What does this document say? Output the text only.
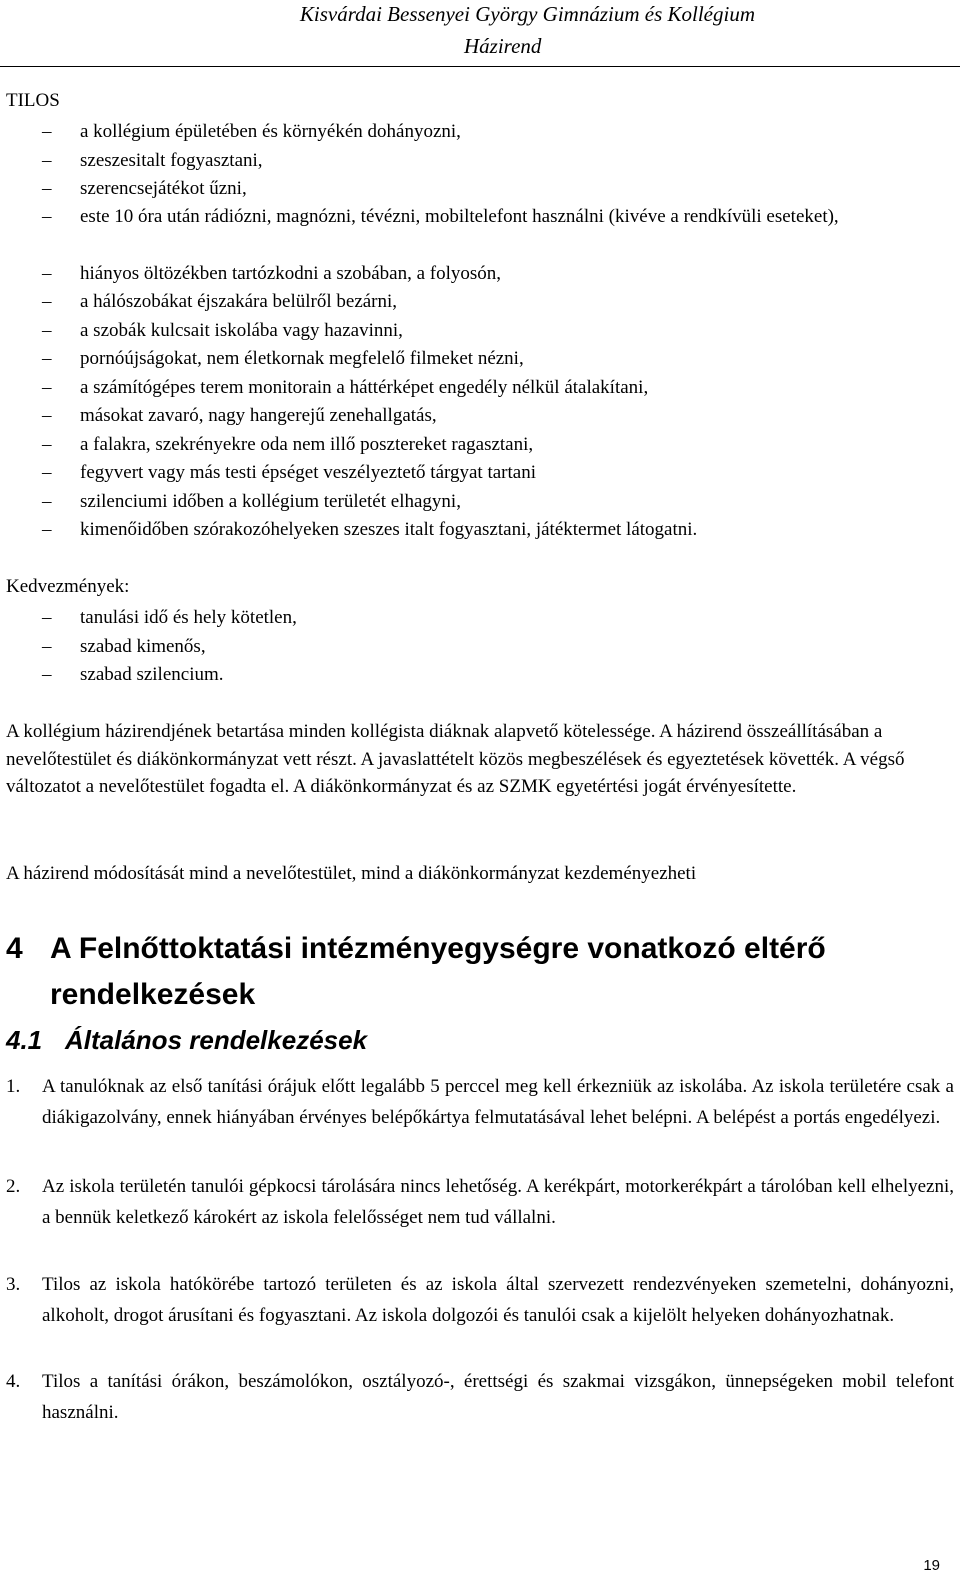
Kisvárdai Bessenyei György Gimnázium és Kollégium
Házirend
TILOS
–	a kollégium épületében és környékén dohányozni,
–	szeszesitalt fogyasztani,
–	szerencsejátékot űzni,
–	este 10 óra után rádiózni, magnózni, tévézni, mobiltelefont használni (kivéve a rendkívüli eseteket),
–	hiányos öltözékben tartózkodni a szobában, a folyosón,
–	a hálószobákat éjszakára belülről bezárni,
–	a szobák kulcsait iskolába vagy hazavinni,
–	pornóújságokat, nem életkornak megfelelő filmeket nézni,
–	a számítógépes terem monitorain a háttérképet engedély nélkül átalakítani,
–	másokat zavaró, nagy hangerejű zenehallgatás,
–	a falakra, szekrényekre oda nem illő posztereket ragasztani,
–	fegyvert vagy más testi épséget veszélyeztető tárgyat tartani
–	szilenciumi időben a kollégium területét elhagyni,
–	kimenőidőben szórakozóhelyeken szeszes italt fogyasztani, játéktermet látogatni.
Kedvezmények:
–	tanulási idő és hely kötetlen,
–	szabad kimenős,
–	szabad szilencium.
A kollégium házirendjének betartása minden kollégista diáknak alapvető kötelessége. A házirend összeállításában a nevelőtestület és diákönkormányzat vett részt. A javaslattételt közös megbeszélések és egyeztetések követték. A végső változatot a nevelőtestület fogadta el. A diákönkormányzat és az SZMK egyetértési jogát érvényesítette.
A házirend módosítását mind a nevelőtestület, mind a diákönkormányzat kezdeményezheti
4 A Felnőttoktatási intézményegységre vonatkozó eltérő rendelkezések
4.1 Általános rendelkezések
1. A tanulóknak az első tanítási órájuk előtt legalább 5 perccel meg kell érkezniük az iskolába. Az iskola területére csak a diákigazolvány, ennek hiányában érvényes belépőkártya felmutatásával lehet belépni. A belépést a portás engedélyezi.
2. Az iskola területén tanulói gépkocsi tárolására nincs lehetőség. A kerékpárt, motorkerékpárt a tárolóban kell elhelyezni, a bennük keletkező károkért az iskola felelősséget nem tud vállalni.
3. Tilos az iskola hatókörébe tartozó területen és az iskola által szervezett rendezvényeken szemetelni, dohányozni, alkoholt, drogot árusítani és fogyasztani. Az iskola dolgozói és tanulói csak a kijelölt helyeken dohányozhatnak.
4. Tilos a tanítási órákon, beszámolókon, osztályozó-, érettségi és szakmai vizsgákon, ünnepségeken mobil telefont használni.
19
